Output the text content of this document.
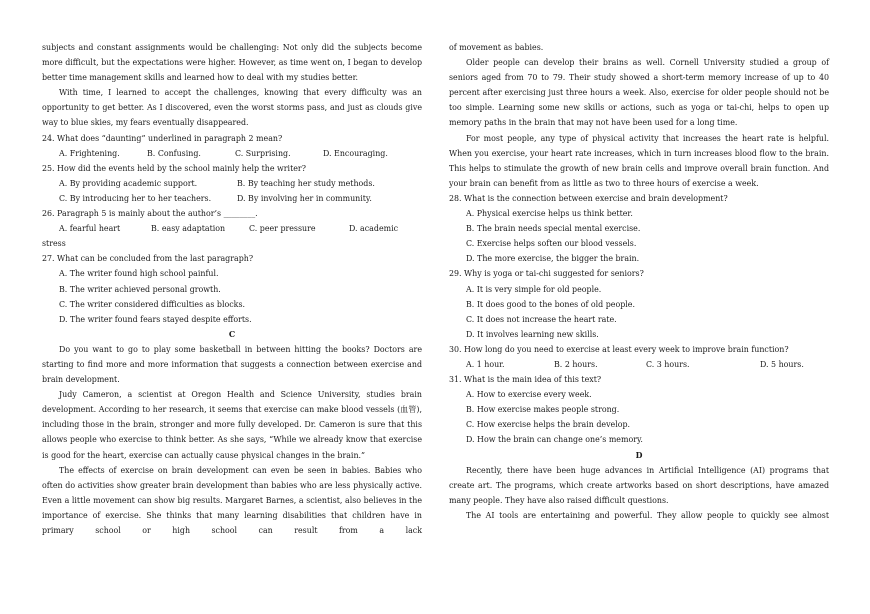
subjects and constant assignments would be challenging: Not only did the subjects become more difficult, but the expectations were higher. However, as time went on, I began to develop better time management skills and learned how to deal with my studies better.

With time, I learned to accept the challenges, knowing that every difficulty was an opportunity to get better. As I discovered, even the worst storms pass, and just as clouds give way to blue skies, my fears eventually disappeared.

24. What does “daunting” underlined in paragraph 2 mean?

A. Frightening.	B. Confusing.	C. Surprising.	D. Encouraging.

25. How did the events held by the school mainly help the writer?

A. By providing academic support.	B. By teaching her study methods.
C. By introducing her to her teachers.	D. By involving her in community.

26. Paragraph 5 is mainly about the author’s ________.

A. fearful heart	B. easy adaptation	C. peer pressure	D. academic

stress

27. What can be concluded from the last paragraph?

A. The writer found high school painful.

B. The writer achieved personal growth.

C. The writer considered difficulties as blocks.

D. The writer found fears stayed despite efforts.

C

Do you want to go to play some basketball in between hitting the books? Doctors are starting to find more and more information that suggests a connection between exercise and brain development.

Judy Cameron, a scientist at Oregon Health and Science University, studies brain development. According to her research, it seems that exercise can make blood vessels (血管), including those in the brain, stronger and more fully developed. Dr. Cameron is sure that this allows people who exercise to think better. As she says, “While we already know that exercise is good for the heart, exercise can actually cause physical changes in the brain.”

The effects of exercise on brain development can even be seen in babies. Babies who often do activities show greater brain development than babies who are less physically active. Even a little movement can show big results. Margaret Barnes, a scientist, also believes in the importance of exercise. She thinks that many learning disabilities that children have in primary school or high school can result from a lack

of movement as babies.

Older people can develop their brains as well. Cornell University studied a group of seniors aged from 70 to 79. Their study showed a short-term memory increase of up to 40 percent after exercising just three hours a week. Also, exercise for older people should not be too simple. Learning some new skills or actions, such as yoga or tai-chi, helps to open up memory paths in the brain that may not have been used for a long time.

For most people, any type of physical activity that increases the heart rate is helpful. When you exercise, your heart rate increases, which in turn increases blood flow to the brain. This helps to stimulate the growth of new brain cells and improve overall brain function. And your brain can benefit from as little as two to three hours of exercise a week.

28. What is the connection between exercise and brain development?

A. Physical exercise helps us think better.

B. The brain needs special mental exercise.

C. Exercise helps soften our blood vessels.

D. The more exercise, the bigger the brain.

29. Why is yoga or tai-chi suggested for seniors?

A. It is very simple for old people.

B. It does good to the bones of old people.

C. It does not increase the heart rate.

D. It involves learning new skills.

30. How long do you need to exercise at least every week to improve brain function?

A. 1 hour.	B. 2 hours.	C. 3 hours.	D. 5 hours.

31. What is the main idea of this text?

A. How to exercise every week.

B. How exercise makes people strong.

C. How exercise helps the brain develop.

D. How the brain can change one’s memory.

D

Recently, there have been huge advances in Artificial Intelligence (AI) programs that create art. The programs, which create artworks based on short descriptions, have amazed many people. They have also raised difficult questions.

The AI tools are entertaining and powerful. They allow people to quickly see almost
